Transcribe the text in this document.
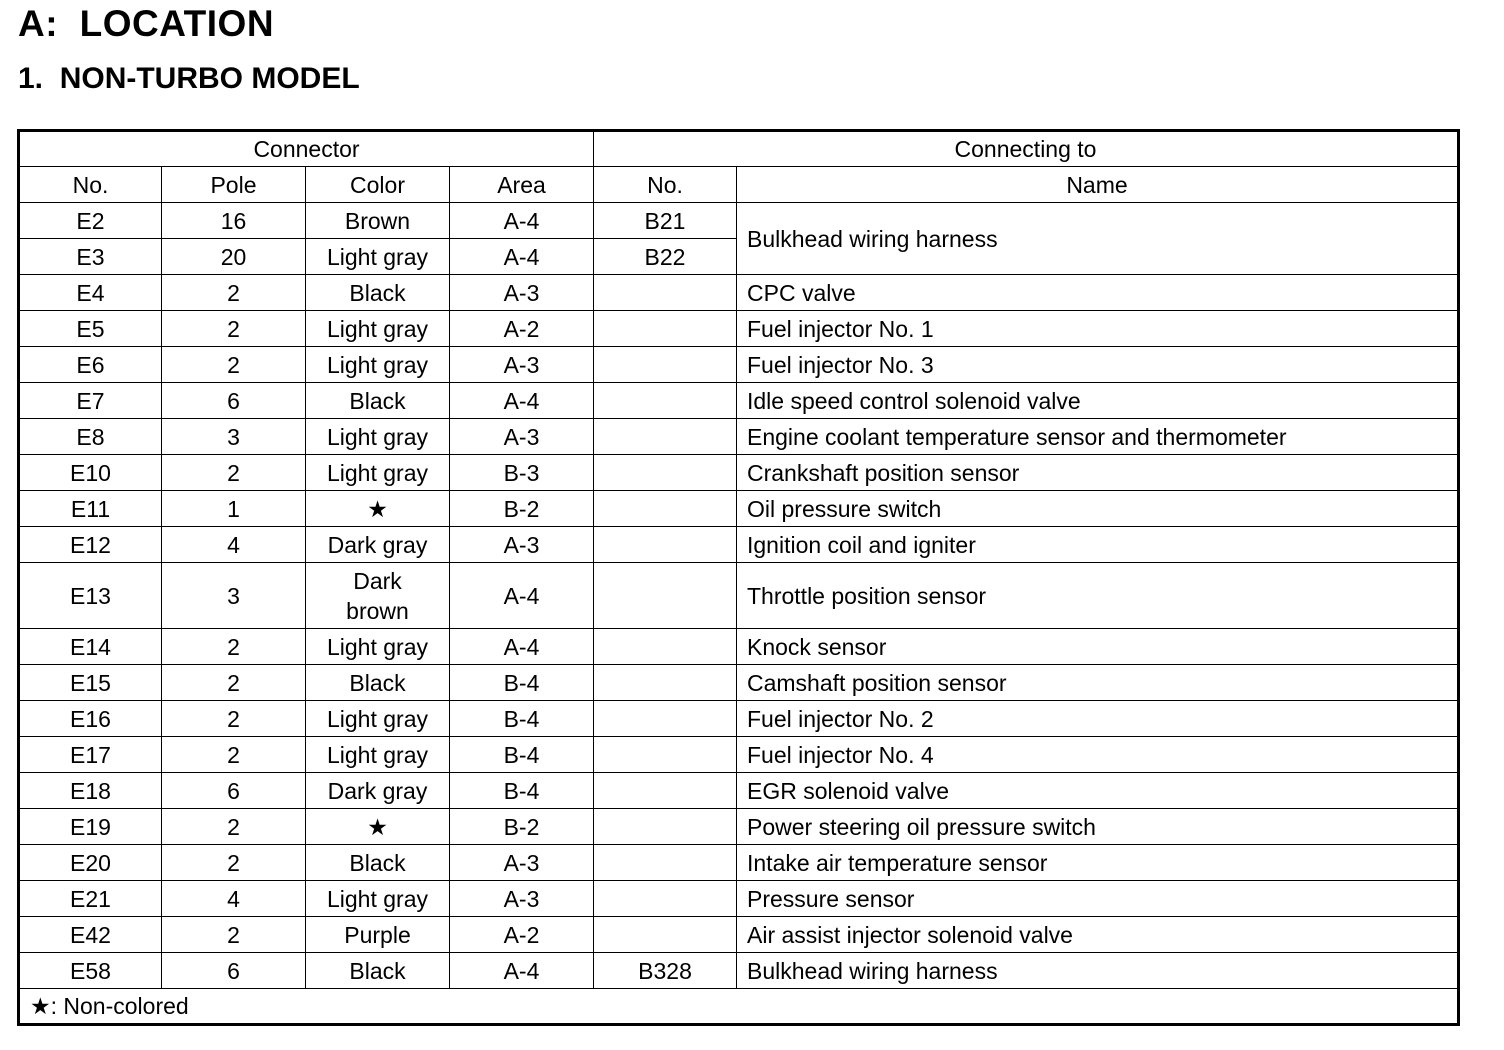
A:  LOCATION
1.  NON-TURBO MODEL
Connector				Connecting to	
No.	Pole	Color	Area	No.	Name
E2	16	Brown	A-4	B21	Bulkhead wiring harness
E3	20	Light gray	A-4	B22	
E4	2	Black	A-3		CPC valve
E5	2	Light gray	A-2		Fuel injector No. 1
E6	2	Light gray	A-3		Fuel injector No. 3
E7	6	Black	A-4		Idle speed control solenoid valve
E8	3	Light gray	A-3		Engine coolant temperature sensor and thermometer
E10	2	Light gray	B-3		Crankshaft position sensor
E11	1	★	B-2		Oil pressure switch
E12	4	Dark gray	A-3		Ignition coil and igniter
E13	3	Dark brown	A-4		Throttle position sensor
E14	2	Light gray	A-4		Knock sensor
E15	2	Black	B-4		Camshaft position sensor
E16	2	Light gray	B-4		Fuel injector No. 2
E17	2	Light gray	B-4		Fuel injector No. 4
E18	6	Dark gray	B-4		EGR solenoid valve
E19	2	★	B-2		Power steering oil pressure switch
E20	2	Black	A-3		Intake air temperature sensor
E21	4	Light gray	A-3		Pressure sensor
E42	2	Purple	A-2		Air assist injector solenoid valve
E58	6	Black	A-4	B328	Bulkhead wiring harness
★: Non-colored					
